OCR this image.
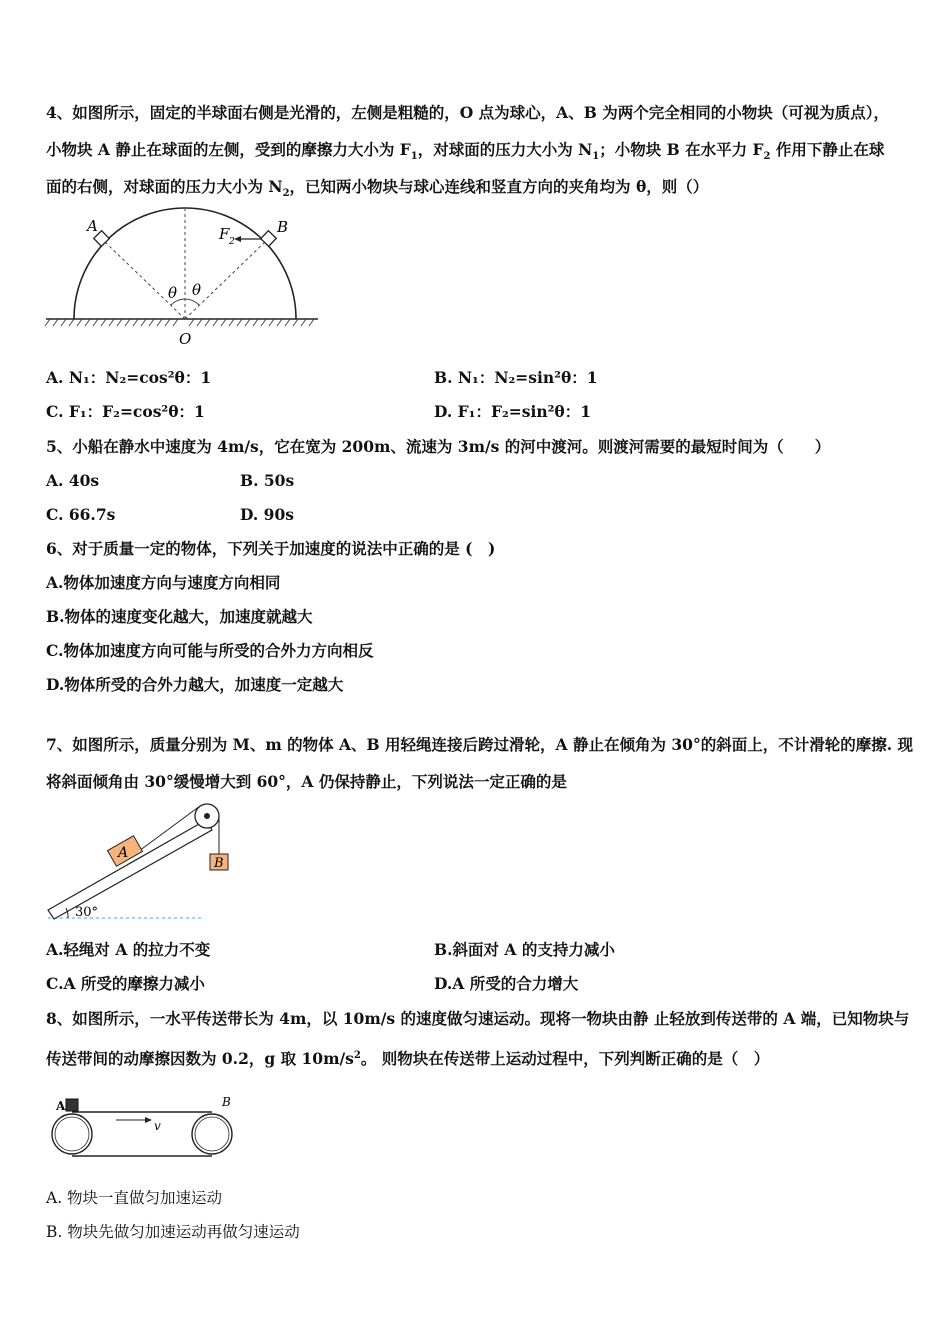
4、如图所示，固定的半球面右侧是光滑的，左侧是粗糙的，O 点为球心，A、B 为两个完全相同的小物块（可视为质点），
小物块 A 静止在球面的左侧，受到的摩擦力大小为 $F_1$，对球面的压力大小为 $N_1$；小物块 B 在水平力 $F_2$ 作用下静止在球
面的右侧，对球面的压力大小为 $N_2$，已知两小物块与球心连线和竖直方向的夹角均为 θ，则（）
A	B
F 2
θ θ
O
A. N₁：N₂=cos²θ：1	B. N₁：N₂=sin²θ：1
C. F₁：F₂=cos²θ：1	D. F₁：F₂=sin²θ：1
5、小船在静水中速度为 4m/s，它在宽为 200m、流速为 3m/s 的河中渡河。则渡河需要的最短时间为（　　）
A. 40s	B. 50s
C. 66.7s	D. 90s
6、对于质量一定的物体，下列关于加速度的说法中正确的是 (　)
A.物体加速度方向与速度方向相同
B.物体的速度变化越大，加速度就越大
C.物体加速度方向可能与所受的合外力方向相反
D.物体所受的合外力越大，加速度一定越大
7、如图所示，质量分别为 M、m 的物体 A、B 用轻绳连接后跨过滑轮，A 静止在倾角为 30°的斜面上，不计滑轮的摩擦. 现
将斜面倾角由 30°缓慢增大到 60°，A 仍保持静止，下列说法一定正确的是
A
B
30°
A.轻绳对 A 的拉力不变	B.斜面对 A 的支持力减小
C.A 所受的摩擦力减小	D.A 所受的合力增大
8、如图所示，一水平传送带长为 4m，以 10m/s 的速度做匀速运动。现将一物块由静 止轻放到传送带的 A 端，已知物块与
传送带间的动摩擦因数为 0.2，g 取 $10m/s^2$。 则物块在传送带上运动过程中，下列判断正确的是（　）
A	B
v
A. 物块一直做匀加速运动
B. 物块先做匀加速运动再做匀速运动
